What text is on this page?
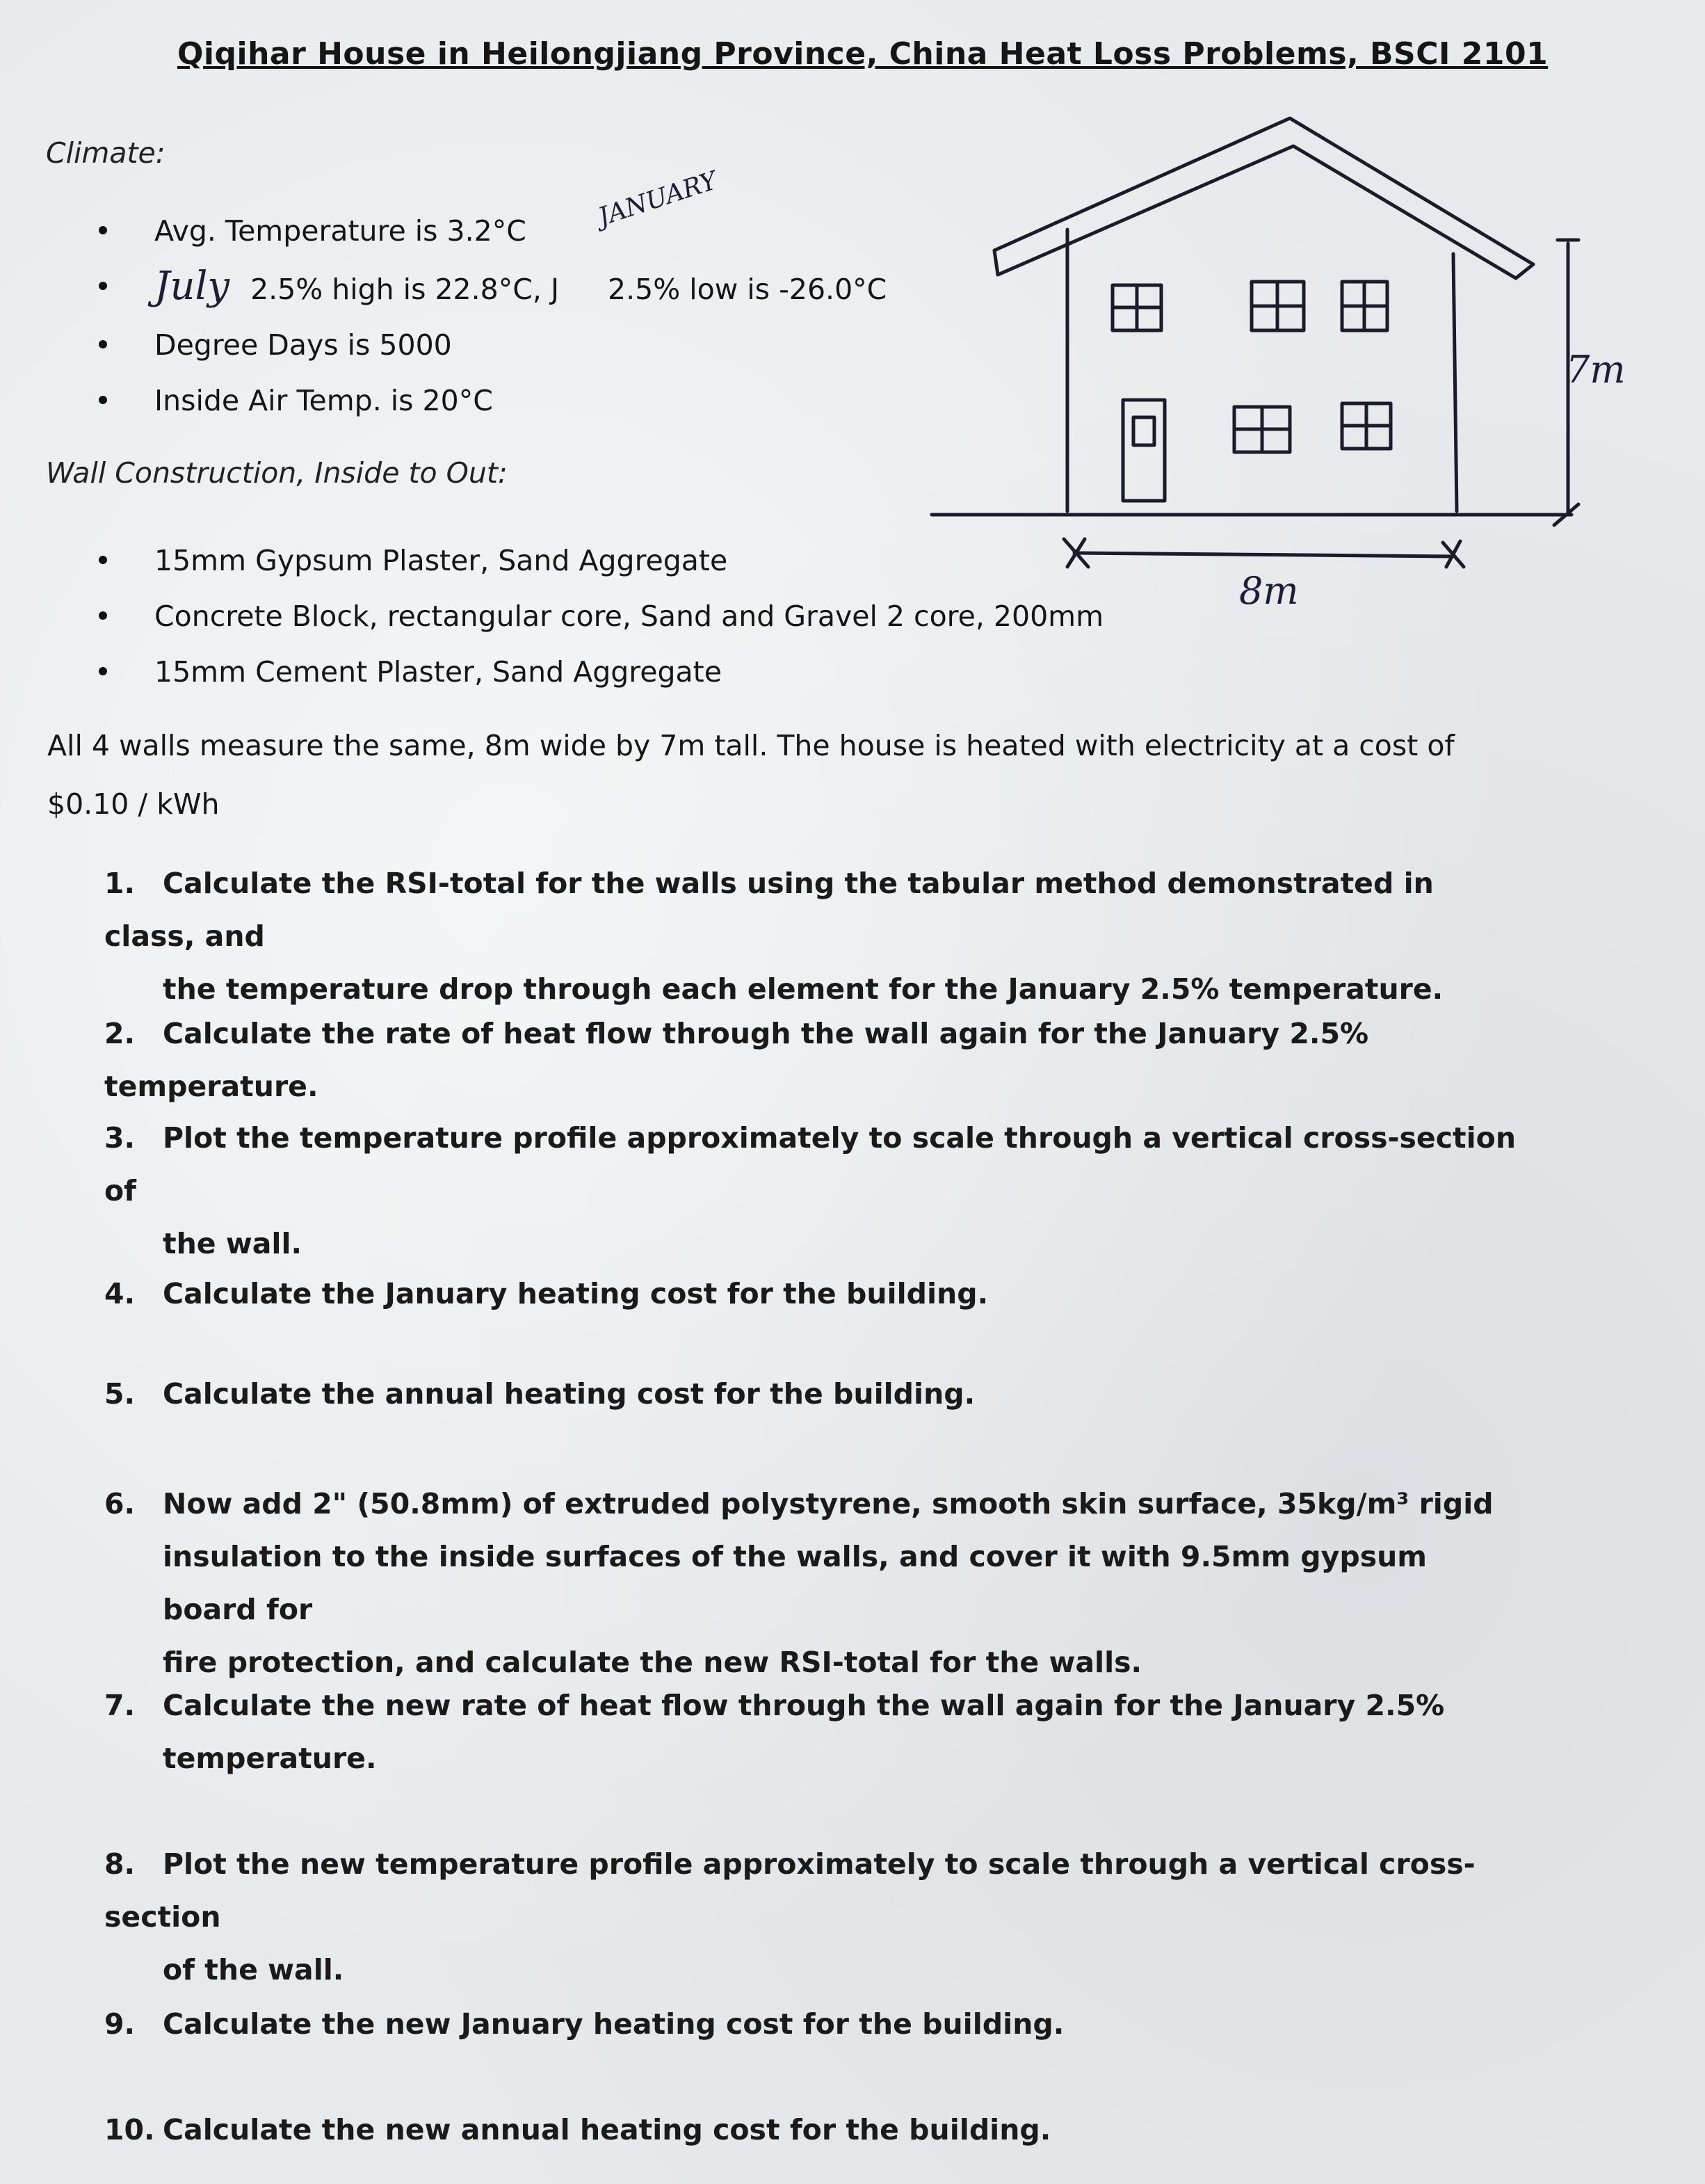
Qiqihar House in Heilongjiang Province, China Heat Loss Problems, BSCI 2101
Climate:
Avg. Temperature is 3.2°C
July 2.5% high is 22.8°C, J 2.5% low is -26.0°C
Degree Days is 5000
Inside Air Temp. is 20°C
JANUARY
Wall Construction, Inside to Out:
15mm Gypsum Plaster, Sand Aggregate
Concrete Block, rectangular core, Sand and Gravel 2 core, 200mm
15mm Cement Plaster, Sand Aggregate
8m
7m
All 4 walls measure the same, 8m wide by 7m tall. The house is heated with electricity at a cost of $0.10 / kWh
1. Calculate the RSI-total for the walls using the tabular method demonstrated in class, and
the temperature drop through each element for the January 2.5% temperature.
2. Calculate the rate of heat flow through the wall again for the January 2.5% temperature.
3. Plot the temperature profile approximately to scale through a vertical cross-section of
the wall.
4. Calculate the January heating cost for the building.
5. Calculate the annual heating cost for the building.
6. Now add 2" (50.8mm) of extruded polystyrene, smooth skin surface, 35kg/m³ rigid
insulation to the inside surfaces of the walls, and cover it with 9.5mm gypsum board for
fire protection, and calculate the new RSI-total for the walls.
7. Calculate the new rate of heat flow through the wall again for the January 2.5%
temperature.
8. Plot the new temperature profile approximately to scale through a vertical cross-section
of the wall.
9. Calculate the new January heating cost for the building.
10. Calculate the new annual heating cost for the building.
